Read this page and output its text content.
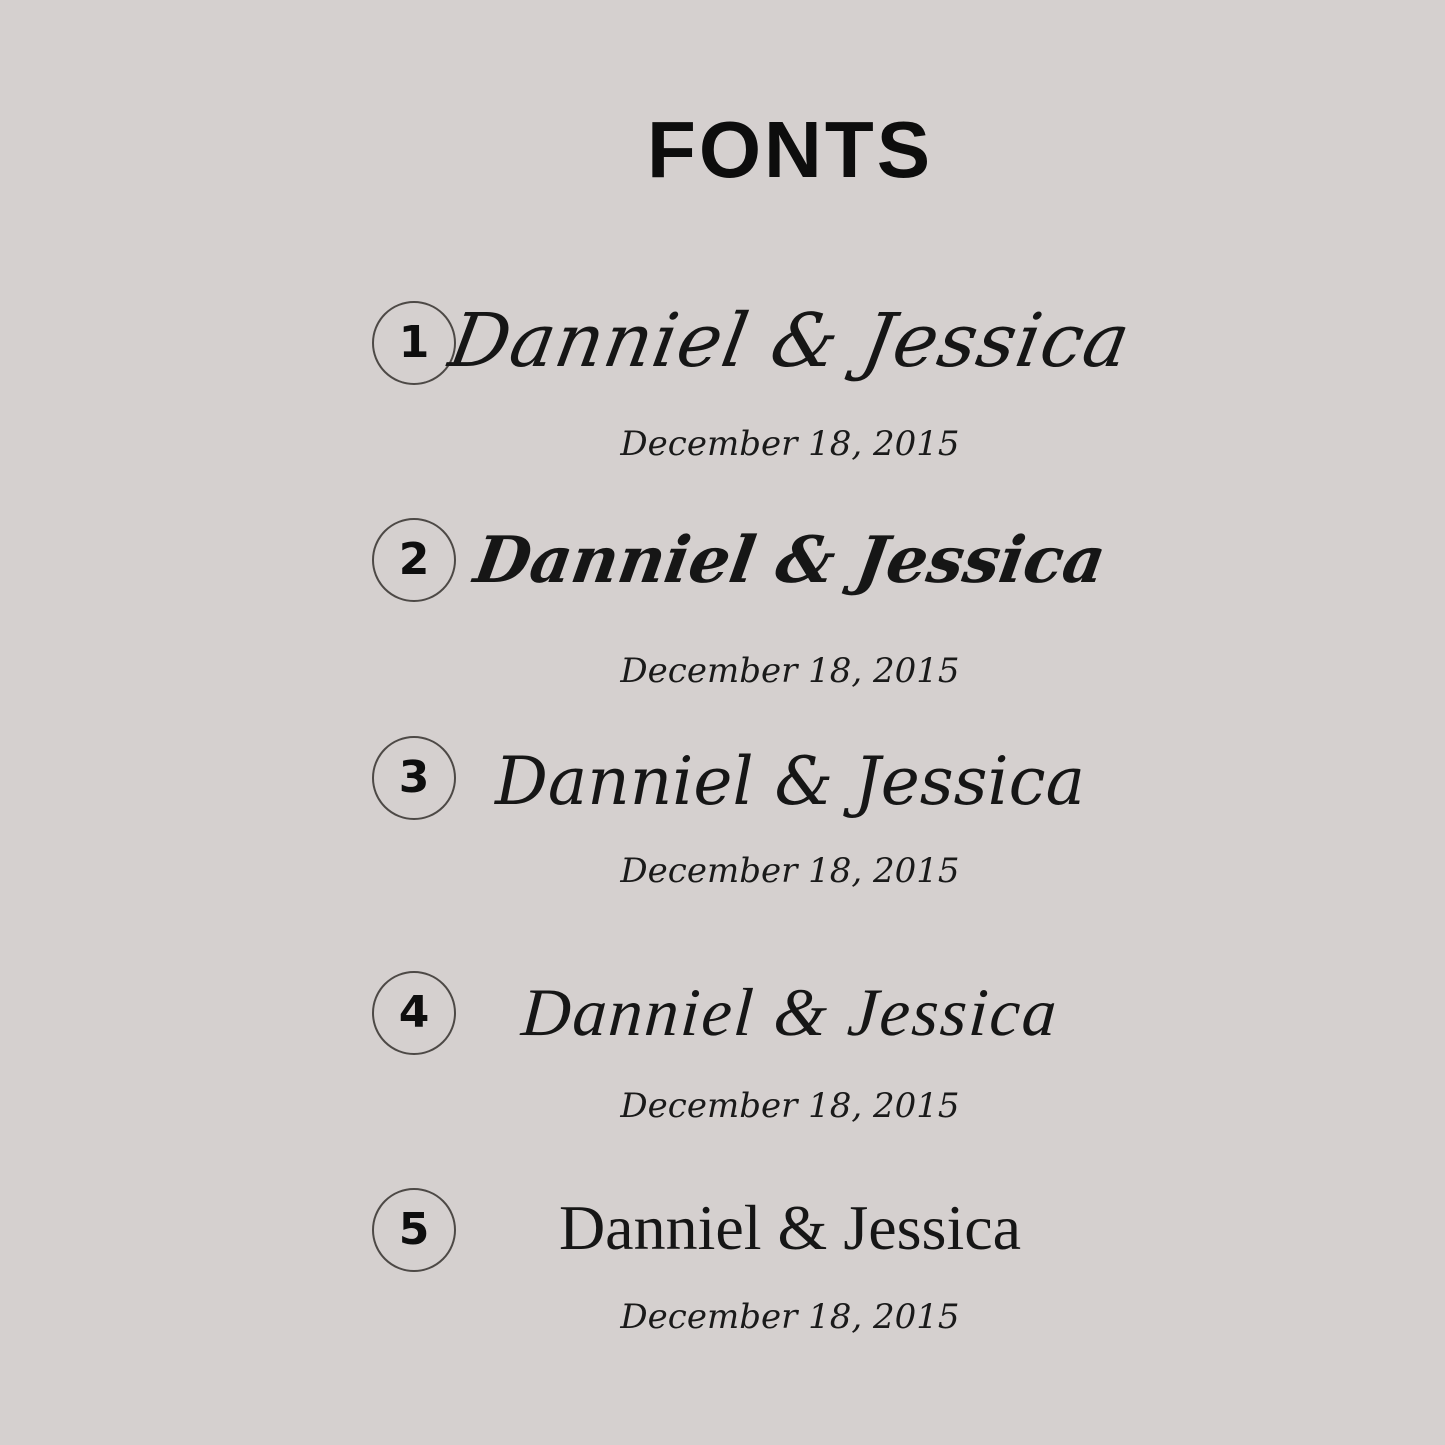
FONTS
1 Danniel & Jessica
December 18, 2015
2 Danniel & Jessica
December 18, 2015
3 Danniel & Jessica
December 18, 2015
4	Danniel & Jessica
December 18, 2015
5	Danniel & Jessica
December 18, 2015
